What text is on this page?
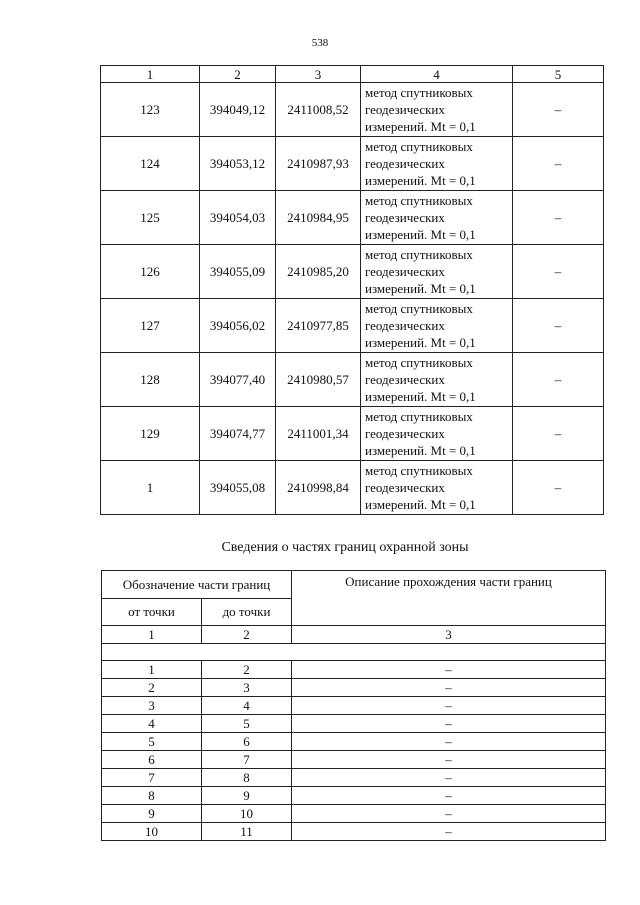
538
1	2	3	4	5
123	394049,12	2411008,52	метод спутниковых
геодезических
измерений. Mt = 0,1	–
124	394053,12	2410987,93	метод спутниковых
геодезических
измерений. Mt = 0,1	–
125	394054,03	2410984,95	метод спутниковых
геодезических
измерений. Mt = 0,1	–
126	394055,09	2410985,20	метод спутниковых
геодезических
измерений. Mt = 0,1	–
127	394056,02	2410977,85	метод спутниковых
геодезических
измерений. Mt = 0,1	–
128	394077,40	2410980,57	метод спутниковых
геодезических
измерений. Mt = 0,1	–
129	394074,77	2411001,34	метод спутниковых
геодезических
измерений. Mt = 0,1	–
1	394055,08	2410998,84	метод спутниковых
геодезических
измерений. Mt = 0,1	–
Сведения о частях границ охранной зоны
Обозначение части границ		Описание прохождения части границ
от точки	до точки	
1	2	3

1	2	–
2	3	–
3	4	–
4	5	–
5	6	–
6	7	–
7	8	–
8	9	–
9	10	–
10	11	–
